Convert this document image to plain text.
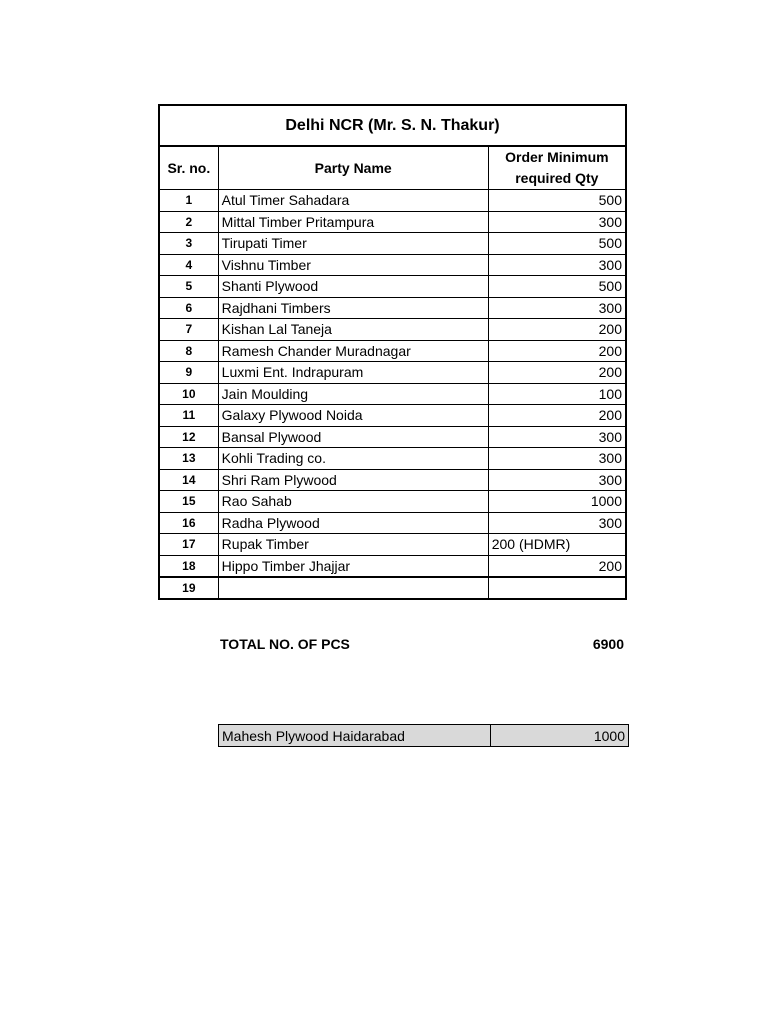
Delhi NCR (Mr. S. N. Thakur)		
Sr. no.	Party Name	Order Minimum
required Qty
1	Atul Timer Sahadara	500
2	Mittal Timber Pritampura	300
3	Tirupati Timer	500
4	Vishnu Timber	300
5	Shanti Plywood	500
6	Rajdhani Timbers	300
7	Kishan Lal Taneja	200
8	Ramesh Chander Muradnagar	200
9	Luxmi Ent. Indrapuram	200
10	Jain Moulding	100
11	Galaxy Plywood Noida	200
12	Bansal Plywood	300
13	Kohli Trading co.	300
14	Shri Ram Plywood	300
15	Rao Sahab	1000
16	Radha Plywood	300
17	Rupak Timber	200 (HDMR)
18	Hippo Timber Jhajjar	200
19		
TOTAL NO. OF PCS	6900
Mahesh Plywood Haidarabad	1000
